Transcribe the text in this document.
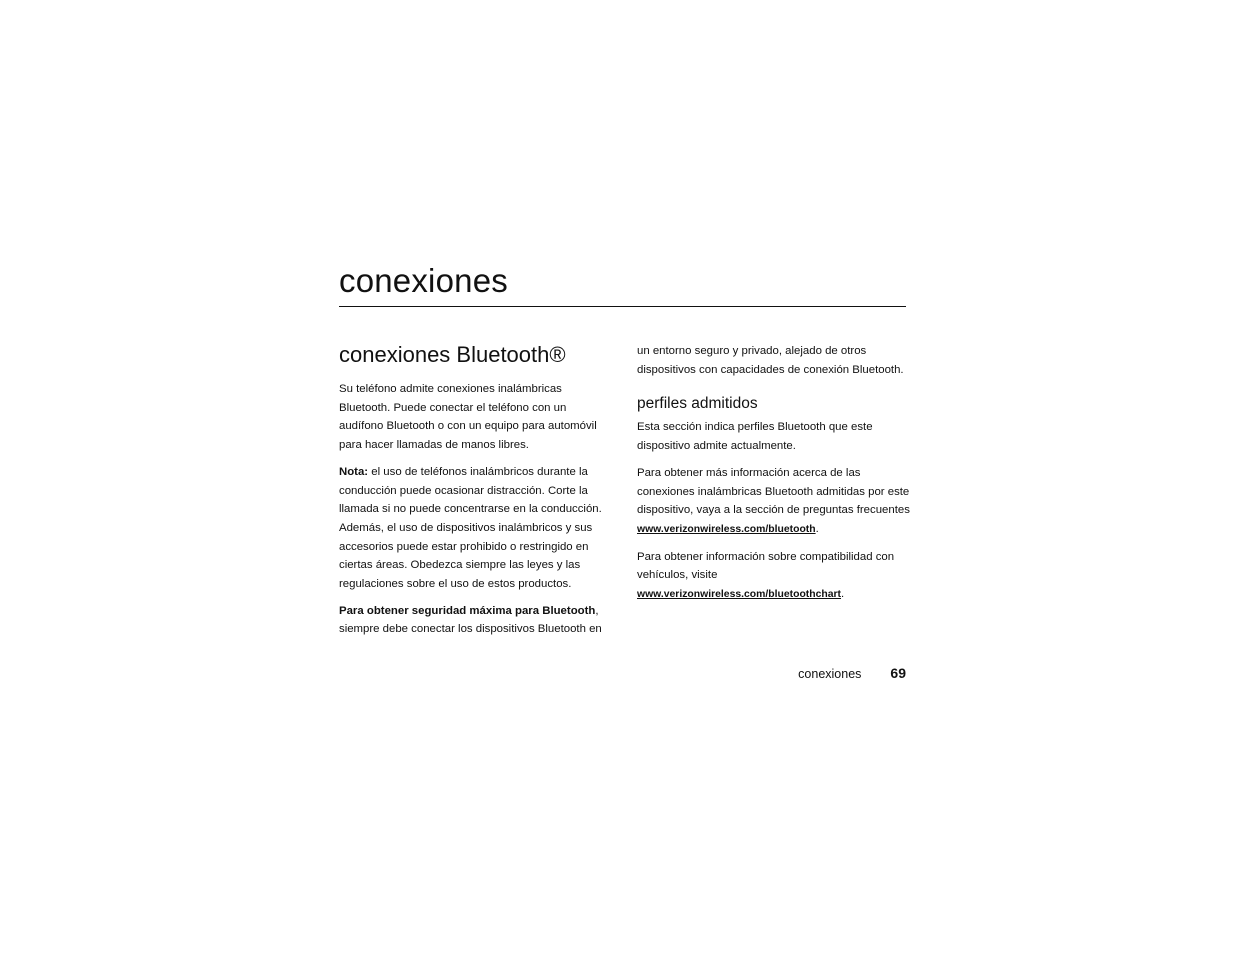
conexiones
conexiones Bluetooth®

Su teléfono admite conexiones inalámbricas Bluetooth. Puede conectar el teléfono con un audífono Bluetooth o con un equipo para automóvil para hacer llamadas de manos libres.

Nota: el uso de teléfonos inalámbricos durante la conducción puede ocasionar distracción. Corte la llamada si no puede concentrarse en la conducción. Además, el uso de dispositivos inalámbricos y sus accesorios puede estar prohibido o restringido en ciertas áreas. Obedezca siempre las leyes y las regulaciones sobre el uso de estos productos.

Para obtener seguridad máxima para Bluetooth, siempre debe conectar los dispositivos Bluetooth en

un entorno seguro y privado, alejado de otros dispositivos con capacidades de conexión Bluetooth.

perfiles admitidos

Esta sección indica perfiles Bluetooth que este dispositivo admite actualmente.

Para obtener más información acerca de las conexiones inalámbricas Bluetooth admitidas por este dispositivo, vaya a la sección de preguntas frecuentes www.verizonwireless.com/bluetooth.

Para obtener información sobre compatibilidad con vehículos, visite
www.verizonwireless.com/bluetoothchart.

conexiones 69
